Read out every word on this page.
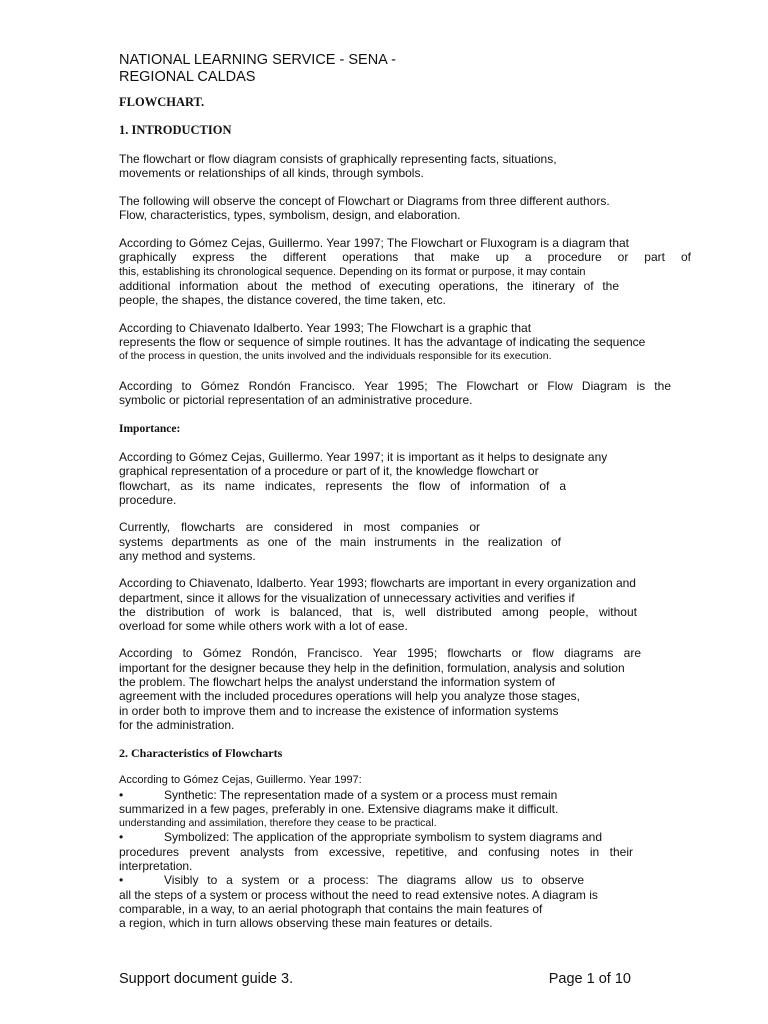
NATIONAL LEARNING SERVICE - SENA -
REGIONAL CALDAS

FLOWCHART.

1. INTRODUCTION

The flowchart or flow diagram consists of graphically representing facts, situations,
movements or relationships of all kinds, through symbols.

The following will observe the concept of Flowchart or Diagrams from three different authors.
Flow, characteristics, types, symbolism, design, and elaboration.

According to Gómez Cejas, Guillermo. Year 1997; The Flowchart or Fluxogram is a diagram that
graphically express the different operations that make up a procedure or part of
this, establishing its chronological sequence. Depending on its format or purpose, it may contain
additional information about the method of executing operations, the itinerary of the
people, the shapes, the distance covered, the time taken, etc.

According to Chiavenato Idalberto. Year 1993; The Flowchart is a graphic that
represents the flow or sequence of simple routines. It has the advantage of indicating the sequence
of the process in question, the units involved and the individuals responsible for its execution.

According to Gómez Rondón Francisco. Year 1995; The Flowchart or Flow Diagram is the
symbolic or pictorial representation of an administrative procedure.

Importance:

According to Gómez Cejas, Guillermo. Year 1997; it is important as it helps to designate any
graphical representation of a procedure or part of it, the knowledge flowchart or
flowchart, as its name indicates, represents the flow of information of a
procedure.

Currently, flowcharts are considered in most companies or
systems departments as one of the main instruments in the realization of
any method and systems.

According to Chiavenato, Idalberto. Year 1993; flowcharts are important in every organization and
department, since it allows for the visualization of unnecessary activities and verifies if
the distribution of work is balanced, that is, well distributed among people, without
overload for some while others work with a lot of ease.

According to Gómez Rondón, Francisco. Year 1995; flowcharts or flow diagrams are
important for the designer because they help in the definition, formulation, analysis and solution
the problem. The flowchart helps the analyst understand the information system of
agreement with the included procedures operations will help you analyze those stages,
in order both to improve them and to increase the existence of information systems
for the administration.

2. Characteristics of Flowcharts

According to Gómez Cejas, Guillermo. Year 1997:

•	Synthetic: The representation made of a system or a process must remain
summarized in a few pages, preferably in one. Extensive diagrams make it difficult.
understanding and assimilation, therefore they cease to be practical.

•	Symbolized: The application of the appropriate symbolism to system diagrams and
procedures prevent analysts from excessive, repetitive, and confusing notes in their
interpretation.

•	Visibly to a system or a process: The diagrams allow us to observe
all the steps of a system or process without the need to read extensive notes. A diagram is
comparable, in a way, to an aerial photograph that contains the main features of
a region, which in turn allows observing these main features or details.

Support document guide 3.	Page 1 of 10
